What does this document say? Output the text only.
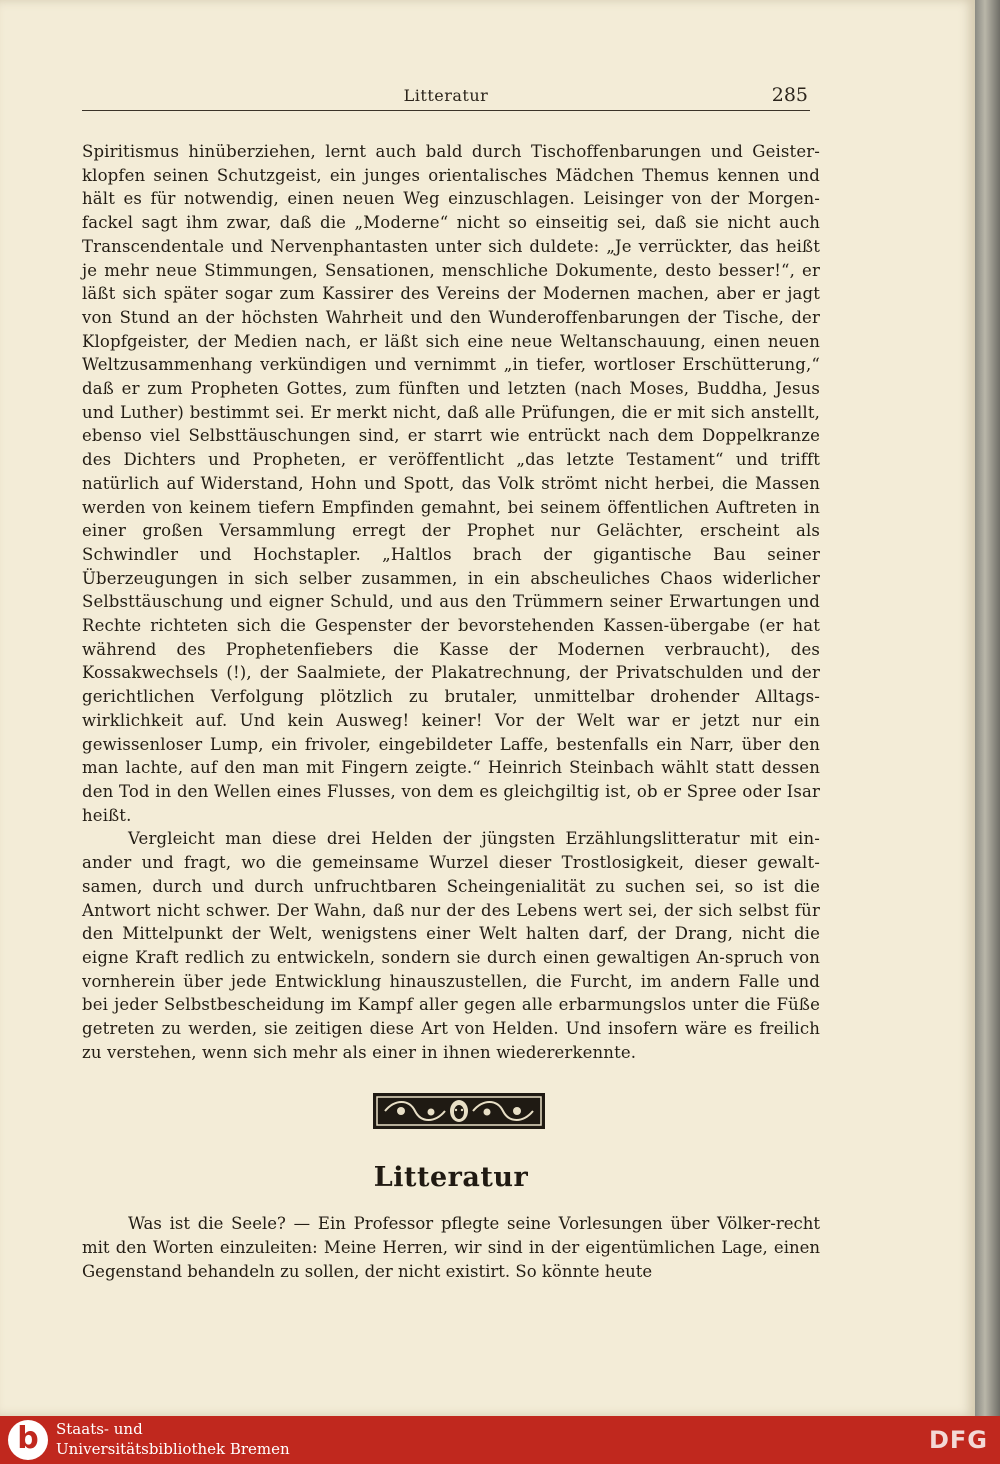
Litteratur	285

Spiritismus hinüberziehen, lernt auch bald durch Tischoffenbarungen und Geister-klopfen seinen Schutzgeist, ein junges orientalisches Mädchen Themus kennen und hält es für notwendig, einen neuen Weg einzuschlagen. Leisinger von der Morgen-fackel sagt ihm zwar, daß die „Moderne“ nicht so einseitig sei, daß sie nicht auch Transcendentale und Nervenphantasten unter sich duldete: „Je verrückter, das heißt je mehr neue Stimmungen, Sensationen, menschliche Dokumente, desto besser!“, er läßt sich später sogar zum Kassirer des Vereins der Modernen machen, aber er jagt von Stund an der höchsten Wahrheit und den Wunderoffenbarungen der Tische, der Klopfgeister, der Medien nach, er läßt sich eine neue Weltanschauung, einen neuen Weltzusammenhang verkündigen und vernimmt „in tiefer, wortloser Erschütterung,“ daß er zum Propheten Gottes, zum fünften und letzten (nach Moses, Buddha, Jesus und Luther) bestimmt sei. Er merkt nicht, daß alle Prüfungen, die er mit sich anstellt, ebenso viel Selbsttäuschungen sind, er starrt wie entrückt nach dem Doppelkranze des Dichters und Propheten, er veröffentlicht „das letzte Testament“ und trifft natürlich auf Widerstand, Hohn und Spott, das Volk strömt nicht herbei, die Massen werden von keinem tiefern Empfinden gemahnt, bei seinem öffentlichen Auftreten in einer großen Versammlung erregt der Prophet nur Gelächter, erscheint als Schwindler und Hochstapler. „Haltlos brach der gigantische Bau seiner Überzeugungen in sich selber zusammen, in ein abscheuliches Chaos widerlicher Selbsttäuschung und eigner Schuld, und aus den Trümmern seiner Erwartungen und Rechte richteten sich die Gespenster der bevorstehenden Kassen-übergabe (er hat während des Prophetenfiebers die Kasse der Modernen verbraucht), des Kossakwechsels (!), der Saalmiete, der Plakatrechnung, der Privatschulden und der gerichtlichen Verfolgung plötzlich zu brutaler, unmittelbar drohender Alltags-wirklichkeit auf. Und kein Ausweg! keiner! Vor der Welt war er jetzt nur ein gewissenloser Lump, ein frivoler, eingebildeter Laffe, bestenfalls ein Narr, über den man lachte, auf den man mit Fingern zeigte.“ Heinrich Steinbach wählt statt dessen den Tod in den Wellen eines Flusses, von dem es gleichgiltig ist, ob er Spree oder Isar heißt.

Vergleicht man diese drei Helden der jüngsten Erzählungslitteratur mit ein-ander und fragt, wo die gemeinsame Wurzel dieser Trostlosigkeit, dieser gewalt-samen, durch und durch unfruchtbaren Scheingenialität zu suchen sei, so ist die Antwort nicht schwer. Der Wahn, daß nur der des Lebens wert sei, der sich selbst für den Mittelpunkt der Welt, wenigstens einer Welt halten darf, der Drang, nicht die eigne Kraft redlich zu entwickeln, sondern sie durch einen gewaltigen An-spruch von vornherein über jede Entwicklung hinauszustellen, die Furcht, im andern Falle und bei jeder Selbstbescheidung im Kampf aller gegen alle erbarmungslos unter die Füße getreten zu werden, sie zeitigen diese Art von Helden. Und insofern wäre es freilich zu verstehen, wenn sich mehr als einer in ihnen wiedererkennte.

Litteratur

Was ist die Seele? — Ein Professor pflegte seine Vorlesungen über Völker-recht mit den Worten einzuleiten: Meine Herren, wir sind in der eigentümlichen Lage, einen Gegenstand behandeln zu sollen, der nicht existirt. So könnte heute

b	Staats- und
Universitätsbibliothek Bremen	DFG
